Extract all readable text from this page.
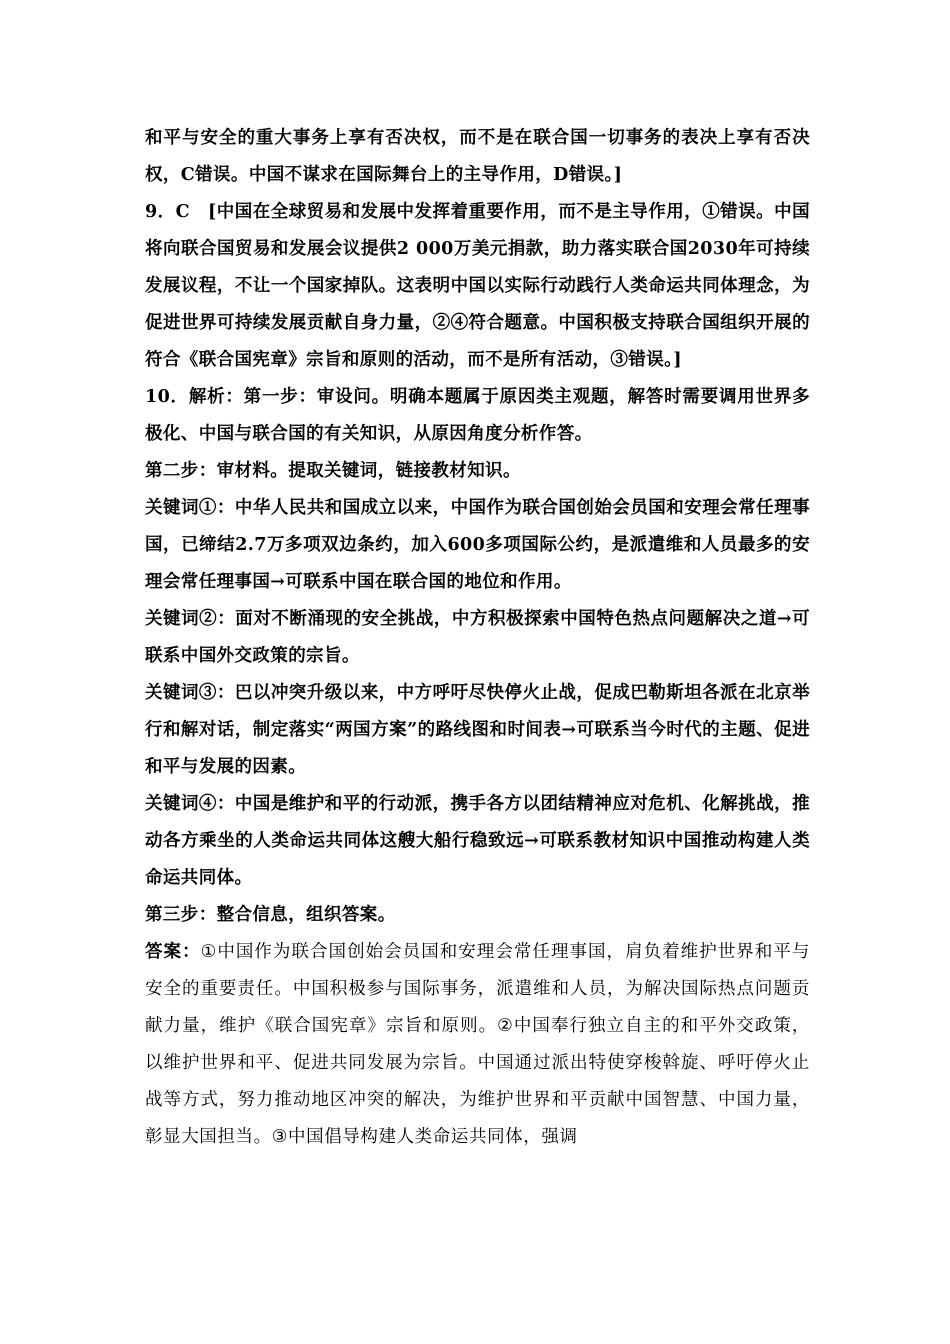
和平与安全的重大事务上享有否决权，而不是在联合国一切事务的表决上享有否决权，C错误。中国不谋求在国际舞台上的主导作用，D错误。]

9．C　[中国在全球贸易和发展中发挥着重要作用，而不是主导作用，①错误。中国将向联合国贸易和发展会议提供2 000万美元捐款，助力落实联合国2030年可持续发展议程，不让一个国家掉队。这表明中国以实际行动践行人类命运共同体理念，为促进世界可持续发展贡献自身力量，②④符合题意。中国积极支持联合国组织开展的符合《联合国宪章》宗旨和原则的活动，而不是所有活动，③错误。]

10．解析：第一步：审设问。明确本题属于原因类主观题，解答时需要调用世界多极化、中国与联合国的有关知识，从原因角度分析作答。

第二步：审材料。提取关键词，链接教材知识。

关键词①：中华人民共和国成立以来，中国作为联合国创始会员国和安理会常任理事国，已缔结2.7万多项双边条约，加入600多项国际公约，是派遣维和人员最多的安理会常任理事国→可联系中国在联合国的地位和作用。

关键词②：面对不断涌现的安全挑战，中方积极探索中国特色热点问题解决之道→可联系中国外交政策的宗旨。

关键词③：巴以冲突升级以来，中方呼吁尽快停火止战，促成巴勒斯坦各派在北京举行和解对话，制定落实“两国方案”的路线图和时间表→可联系当今时代的主题、促进和平与发展的因素。

关键词④：中国是维护和平的行动派，携手各方以团结精神应对危机、化解挑战，推动各方乘坐的人类命运共同体这艘大船行稳致远→可联系教材知识中国推动构建人类命运共同体。

第三步：整合信息，组织答案。

答案：①中国作为联合国创始会员国和安理会常任理事国，肩负着维护世界和平与安全的重要责任。中国积极参与国际事务，派遣维和人员，为解决国际热点问题贡献力量，维护《联合国宪章》宗旨和原则。②中国奉行独立自主的和平外交政策，以维护世界和平、促进共同发展为宗旨。中国通过派出特使穿梭斡旋、呼吁停火止战等方式，努力推动地区冲突的解决，为维护世界和平贡献中国智慧、中国力量，彰显大国担当。③中国倡导构建人类命运共同体，强调
